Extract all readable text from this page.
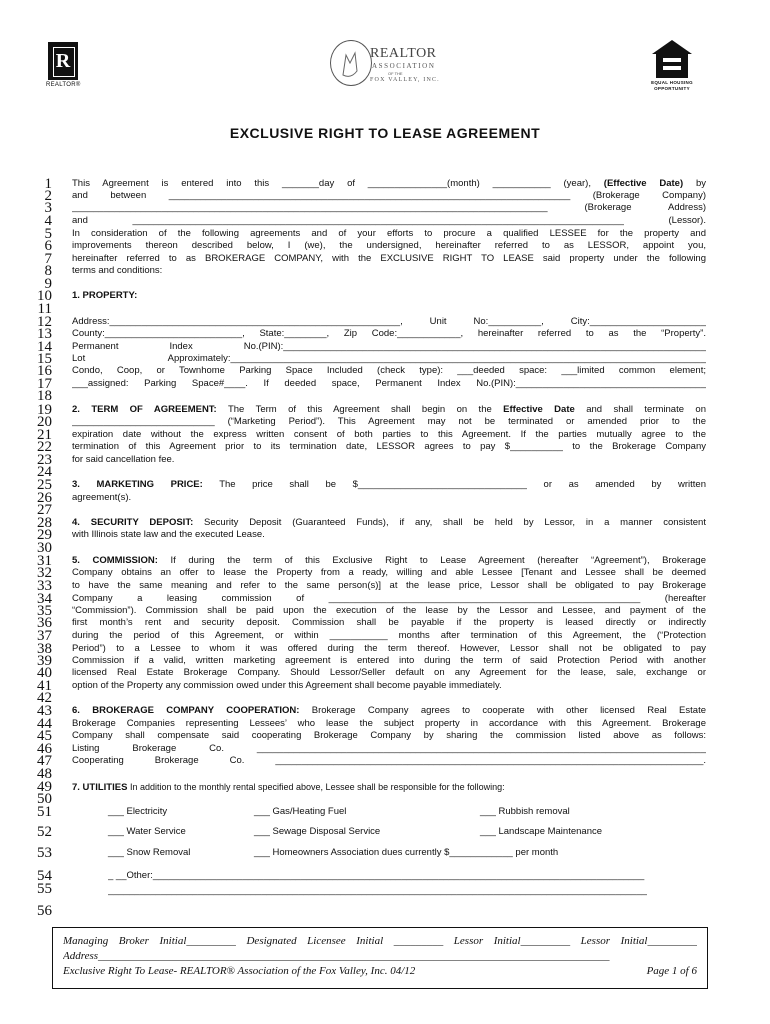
R
REALTOR®
REALTOR
ASSOCIATION
OF THE
FOX VALLEY, INC.	EQUAL HOUSING
OPPORTUNITY
EXCLUSIVE RIGHT TO LEASE AGREEMENT
1
2
3
4
5
6
7
8
9
10
11
12
13
14
15
16
17
18
19
20
21
22
23
24
25
26
27
28
29
30
31
32
33
34
35
36
37
38
39
40
41
42
43
44
45
46
47
48
49
50
51
52
53
54
55
56
This Agreement is entered into this _______day of _______________(month) ___________ (year), (Effective Date) by
and between ____________________________________________________________________________ (Brokerage Company)
__________________________________________________________________________________________ (Brokerage Address)
and _____________________________________________________________________________________________ (Lessor).
In consideration of the following agreements and of your efforts to procure a qualified LESSEE for the property and
improvements thereon described below, I (we), the undersigned, hereinafter referred to as LESSOR, appoint you,
hereinafter referred to as BROKERAGE COMPANY, with the EXCLUSIVE RIGHT TO LEASE said property under the following
terms and conditions:
1. PROPERTY:
Address:_______________________________________________________, Unit No:__________, City:______________________
County:__________________________, State:________, Zip Code:____________, hereinafter referred to as the “Property”.
Permanent Index No.(PIN):________________________________________________________________________________
Lot Approximately:__________________________________________________________________________________________
Condo, Coop, or Townhome Parking Space Included (check type): ___deeded space: ___limited common element;
___assigned: Parking Space#____. If deeded space, Permanent Index No.(PIN):____________________________________
2. TERM OF AGREEMENT: The Term of this Agreement shall begin on the Effective Date and shall terminate on
___________________________ (“Marketing Period”). This Agreement may not be terminated or amended prior to the
expiration date without the express written consent of both parties to this Agreement. If the parties mutually agree to the
termination of this Agreement prior to its termination date, LESSOR agrees to pay $__________ to the Brokerage Company
for said cancellation fee.
3. MARKETING PRICE: The price shall be $________________________________ or as amended by written
agreement(s).
4. SECURITY DEPOSIT: Security Deposit (Guaranteed Funds), if any, shall be held by Lessor, in a manner consistent
with Illinois state law and the executed Lease.
5. COMMISSION: If during the term of this Exclusive Right to Lease Agreement (hereafter “Agreement”), Brokerage
Company obtains an offer to lease the Property from a ready, willing and able Lessee [Tenant and Lessee shall be deemed
to have the same meaning and refer to the same person(s)] at the lease price, Lessor shall be obligated to pay Brokerage
Company a leasing commission of ___________________________________________________________ (hereafter
“Commission”). Commission shall be paid upon the execution of the lease by the Lessor and Lessee, and payment of the
first month’s rent and security deposit. Commission shall be payable if the property is leased directly or indirectly
during the period of this Agreement, or within ___________ months after termination of this Agreement, the (“Protection
Period”) to a Lessee to whom it was offered during the term thereof. However, Lessor shall not be obligated to pay
Commission if a valid, written marketing agreement is entered into during the term of said Protection Period with another
licensed Real Estate Brokerage Company. Should Lessor/Seller default on any Agreement for the lease, sale, exchange or
option of the Property any commission owed under this Agreement shall become payable immediately.
6. BROKERAGE COMPANY COOPERATION: Brokerage Company agrees to cooperate with other licensed Real Estate
Brokerage Companies representing Lessees’ who lease the subject property in accordance with this Agreement. Brokerage
Company shall compensate said cooperating Brokerage Company by sharing the commission listed above as follows:
Listing Brokerage Co. _____________________________________________________________________________________
Cooperating Brokerage Co. _________________________________________________________________________________.
7. UTILITIES In addition to the monthly rental specified above, Lessee shall be responsible for the following:
___ Electricity	___ Gas/Heating Fuel	___ Rubbish removal
___ Water Service	___ Sewage Disposal Service	___ Landscape Maintenance
___ Snow Removal	___ Homeowners Association dues currently $____________ per month
_ __Other:_____________________________________________________________________________________________
______________________________________________________________________________________________________
Managing Broker Initial_________ Designated Licensee Initial _________ Lessor Initial_________ Lessor Initial_________
Address_____________________________________________________________________________________________
Exclusive Right To Lease- REALTOR® Association of the Fox Valley, Inc. 04/12	Page 1 of 6
